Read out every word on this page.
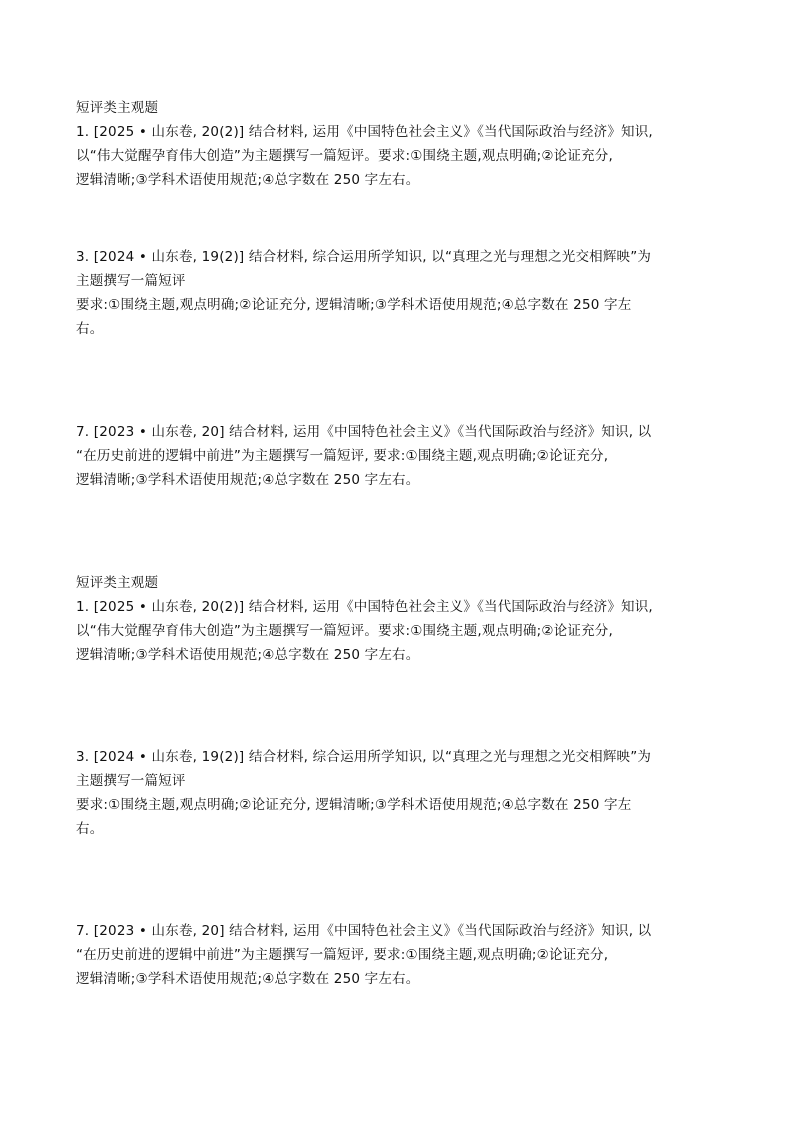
短评类主观题
1. [2025 • 山东卷, 20(2)] 结合材料, 运用《中国特色社会主义》《当代国际政治与经济》知识,
以“伟大觉醒孕育伟大创造”为主题撰写一篇短评。要求:①围绕主题,观点明确;②论证充分,
逻辑清晰;③学科术语使用规范;④总字数在 250 字左右。
3. [2024 • 山东卷, 19(2)] 结合材料, 综合运用所学知识, 以“真理之光与理想之光交相辉映”为
主题撰写一篇短评
要求:①围绕主题,观点明确;②论证充分, 逻辑清晰;③学科术语使用规范;④总字数在 250 字左
右。
7. [2023 • 山东卷, 20] 结合材料, 运用《中国特色社会主义》《当代国际政治与经济》知识, 以
“在历史前进的逻辑中前进”为主题撰写一篇短评, 要求:①围绕主题,观点明确;②论证充分,
逻辑清晰;③学科术语使用规范;④总字数在 250 字左右。
短评类主观题
1. [2025 • 山东卷, 20(2)] 结合材料, 运用《中国特色社会主义》《当代国际政治与经济》知识,
以“伟大觉醒孕育伟大创造”为主题撰写一篇短评。要求:①围绕主题,观点明确;②论证充分,
逻辑清晰;③学科术语使用规范;④总字数在 250 字左右。
3. [2024 • 山东卷, 19(2)] 结合材料, 综合运用所学知识, 以“真理之光与理想之光交相辉映”为
主题撰写一篇短评
要求:①围绕主题,观点明确;②论证充分, 逻辑清晰;③学科术语使用规范;④总字数在 250 字左
右。
7. [2023 • 山东卷, 20] 结合材料, 运用《中国特色社会主义》《当代国际政治与经济》知识, 以
“在历史前进的逻辑中前进”为主题撰写一篇短评, 要求:①围绕主题,观点明确;②论证充分,
逻辑清晰;③学科术语使用规范;④总字数在 250 字左右。
